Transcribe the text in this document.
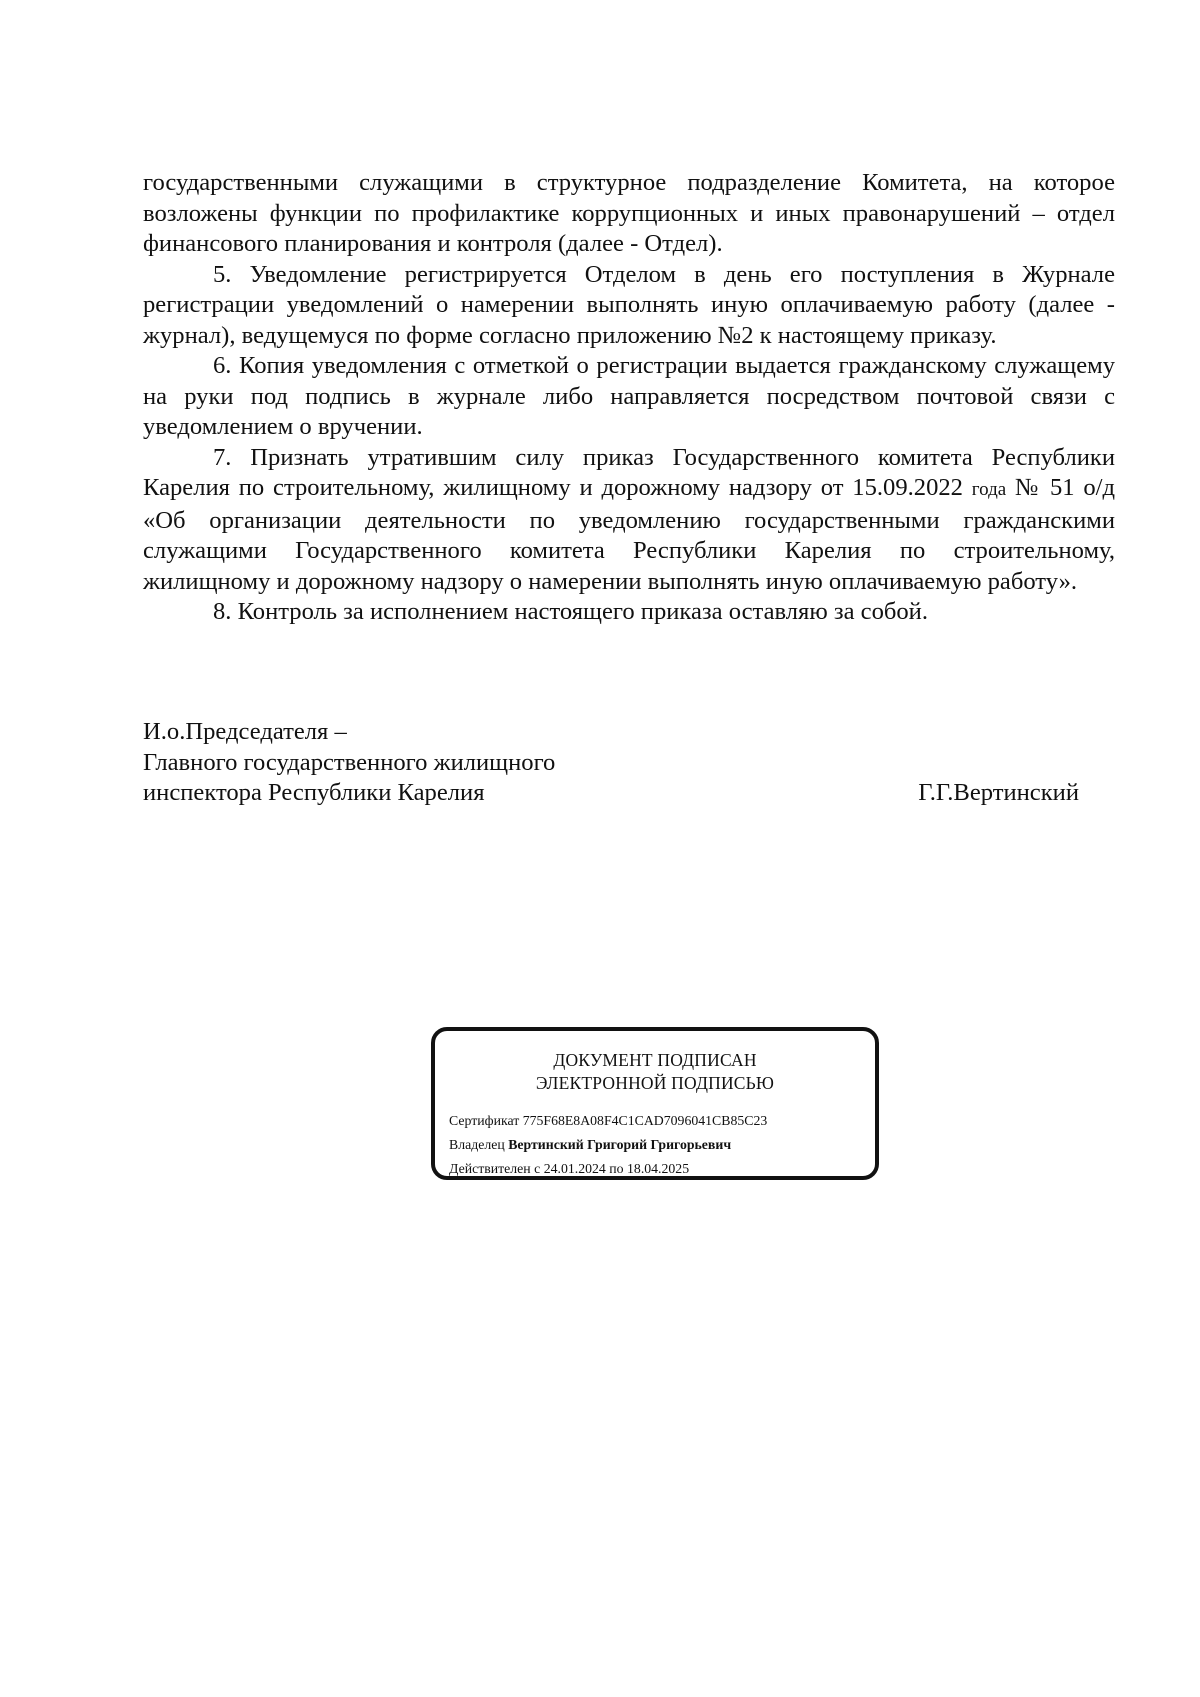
государственными служащими в структурное подразделение Комитета, на которое возложены функции по профилактике коррупционных и иных правонарушений – отдел финансового планирования и контроля (далее - Отдел).

5. Уведомление регистрируется Отделом в день его поступления в Журнале регистрации уведомлений о намерении выполнять иную оплачиваемую работу (далее - журнал), ведущемуся по форме согласно приложению №2 к настоящему приказу.

6. Копия уведомления с отметкой о регистрации выдается гражданскому служащему на руки под подпись в журнале либо направляется посредством почтовой связи с уведомлением о вручении.

7. Признать утратившим силу приказ Государственного комитета Республики Карелия по строительному, жилищному и дорожному надзору от 15.09.2022 года № 51 о/д «Об организации деятельности по уведомлению государственными гражданскими служащими Государственного комитета Республики Карелия по строительному, жилищному и дорожному надзору о намерении выполнять иную оплачиваемую работу».

8. Контроль за исполнением настоящего приказа оставляю за собой.

И.о.Председателя –
Главного государственного жилищного
инспектора Республики Карелия	Г.Г.Вертинский
ДОКУМЕНТ ПОДПИСАН
ЭЛЕКТРОННОЙ ПОДПИСЬЮ
Сертификат 775F68E8A08F4C1CAD7096041CB85C23
Владелец Вертинский Григорий Григорьевич
Действителен с 24.01.2024 по 18.04.2025
